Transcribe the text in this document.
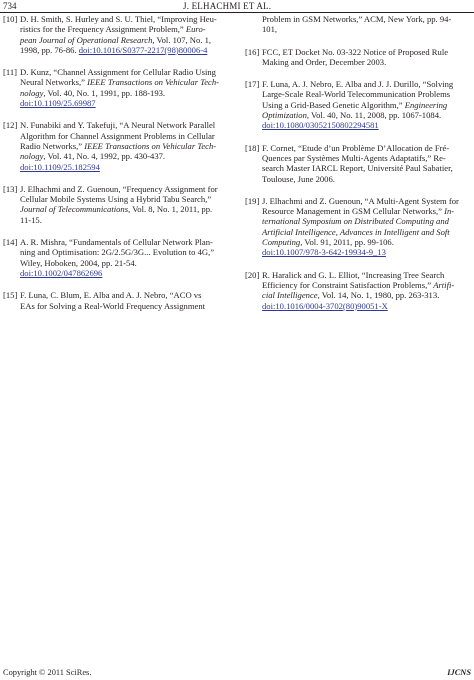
734	J. ELHACHMI ET AL.
[10] D. H. Smith, S. Hurley and S. U. Thiel, “Improving Heu-
ristics for the Frequency Assignment Problem,” Euro-
pean Journal of Operational Research, Vol. 107, No. 1,
1998, pp. 76-86. doi:10.1016/S0377-2217(98)80006-4
[11] D. Kunz, “Channel Assignment for Cellular Radio Using
Neural Networks,” IEEE Transactions on Vehicular Tech-
nology, Vol. 40, No. 1, 1991, pp. 188-193.
doi:10.1109/25.69987
[12] N. Funabiki and Y. Takefuji, “A Neural Network Parallel
Algorithm for Channel Assignment Problems in Cellular
Radio Networks,” IEEE Transactions on Vehicular Tech-
nology, Vol. 41, No. 4, 1992, pp. 430-437.
doi:10.1109/25.182594
[13] J. Elhachmi and Z. Guenoun, “Frequency Assignment for
Cellular Mobile Systems Using a Hybrid Tabu Search,”
Journal of Telecommunications, Vol. 8, No. 1, 2011, pp.
11-15.
[14] A. R. Mishra, “Fundamentals of Cellular Network Plan-
ning and Optimisation: 2G/2.5G/3G... Evolution to 4G,”
Wiley, Hoboken, 2004, pp. 21-54.
doi:10.1002/047862696
[15] F. Luna, C. Blum, E. Alba and A. J. Nebro, “ACO vs
EAs for Solving a Real-World Frequency Assignment
Problem in GSM Networks,” ACM, New York, pp. 94-
101,
[16] FCC, ET Docket No. 03-322 Notice of Proposed Rule
Making and Order, December 2003.
[17] F. Luna, A. J. Nebro, E. Alba and J. J. Durillo, “Solving
Large-Scale Real-World Telecommunication Problems
Using a Grid-Based Genetic Algorithm,” Engineering
Optimization, Vol. 40, No. 11, 2008, pp. 1067-1084.
doi:10.1080/03052150802294581
[18] F. Cornet, “Etude d’un Problème D’Allocation de Fré-
Quences par Systèmes Multi-Agents Adaptatifs,” Re-
search Master IARCL Report, Université Paul Sabatier,
Toulouse, June 2006.
[19] J. Elhachmi and Z. Guenoun, “A Multi-Agent System for
Resource Management in GSM Cellular Networks,” In-
ternational Symposium on Distributed Computing and
Artificial Intelligence, Advances in Intelligent and Soft
Computing, Vol. 91, 2011, pp. 99-106.
doi:10.1007/978-3-642-19934-9_13
[20] R. Haralick and G. L. Elliot, “Increasing Tree Search
Efficiency for Constraint Satisfaction Problems,” Artifi-
cial Intelligence, Vol. 14, No. 1, 1980, pp. 263-313.
doi:10.1016/0004-3702(80)90051-X
Copyright © 2011 SciRes.	IJCNS
